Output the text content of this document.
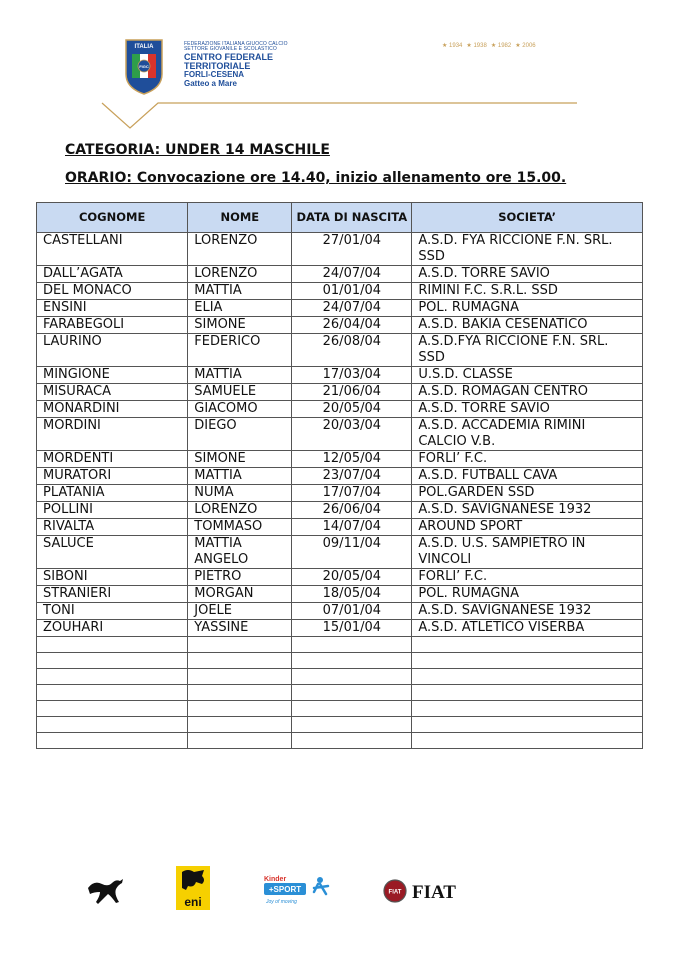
ITALIA
FIGC
FEDERAZIONE ITALIANA GIUOCO CALCIO
SETTORE GIOVANILE E SCOLASTICO
CENTRO FEDERALE
TERRITORIALE
FORLI-CESENA
Gatteo a Mare
★ 1934 ★ 1938 ★ 1982 ★ 2006
CATEGORIA: UNDER 14 MASCHILE
ORARIO: Convocazione ore 14.40, inizio allenamento ore 15.00.
COGNOME	NOME	DATA DI NASCITA	SOCIETA’
CASTELLANI	LORENZO	27/01/04	A.S.D. FYA RICCIONE F.N. SRL. SSD
DALL’AGATA	LORENZO	24/07/04	A.S.D. TORRE SAVIO
DEL MONACO	MATTIA	01/01/04	RIMINI F.C. S.R.L. SSD
ENSINI	ELIA	24/07/04	POL. RUMAGNA
FARABEGOLI	SIMONE	26/04/04	A.S.D. BAKIA CESENATICO
LAURINO	FEDERICO	26/08/04	A.S.D.FYA RICCIONE F.N. SRL. SSD
MINGIONE	MATTIA	17/03/04	U.S.D. CLASSE
MISURACA	SAMUELE	21/06/04	A.S.D. ROMAGAN CENTRO
MONARDINI	GIACOMO	20/05/04	A.S.D. TORRE SAVIO
MORDINI	DIEGO	20/03/04	A.S.D. ACCADEMIA RIMINI CALCIO V.B.
MORDENTI	SIMONE	12/05/04	FORLI’ F.C.
MURATORI	MATTIA	23/07/04	A.S.D. FUTBALL CAVA
PLATANIA	NUMA	17/07/04	POL.GARDEN SSD
POLLINI	LORENZO	26/06/04	A.S.D. SAVIGNANESE 1932
RIVALTA	TOMMASO	14/07/04	AROUND SPORT
SALUCE	MATTIA ANGELO	09/11/04	A.S.D. U.S. SAMPIETRO IN VINCOLI
SIBONI	PIETRO	20/05/04	FORLI’ F.C.
STRANIERI	MORGAN	18/05/04	POL. RUMAGNA
TONI	JOELE	07/01/04	A.S.D. SAVIGNANESE 1932
ZOUHARI	YASSINE	15/01/04	A.S.D. ATLETICO VISERBA

eni
Kinder
+SPORT
Joy of moving
FIAT FIAT
